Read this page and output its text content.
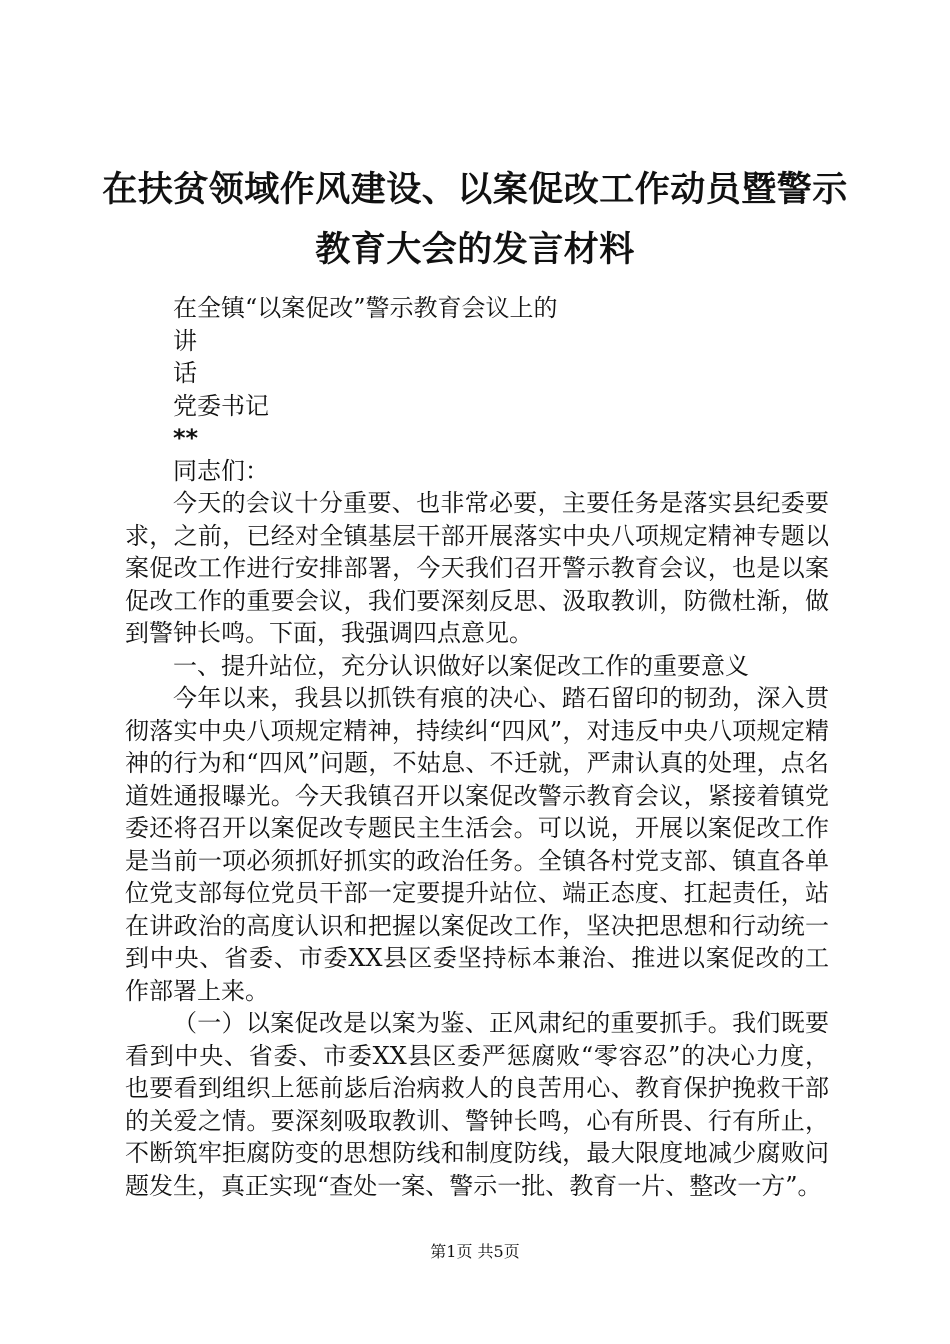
在扶贫领域作风建设、以案促改工作动员暨警示教育大会的发言材料

在全镇“以案促改”警示教育会议上的

讲

话

党委书记

**

同志们：

今天的会议十分重要、也非常必要，主要任务是落实县纪委要求，之前，已经对全镇基层干部开展落实中央八项规定精神专题以案促改工作进行安排部署，今天我们召开警示教育会议，也是以案促改工作的重要会议，我们要深刻反思、汲取教训，防微杜渐，做到警钟长鸣。下面，我强调四点意见。

一、提升站位，充分认识做好以案促改工作的重要意义

今年以来，我县以抓铁有痕的决心、踏石留印的韧劲，深入贯彻落实中央八项规定精神，持续纠“四风”，对违反中央八项规定精神的行为和“四风”问题，不姑息、不迁就，严肃认真的处理，点名道姓通报曝光。今天我镇召开以案促改警示教育会议，紧接着镇党委还将召开以案促改专题民主生活会。可以说，开展以案促改工作是当前一项必须抓好抓实的政治任务。全镇各村党支部、镇直各单位党支部每位党员干部一定要提升站位、端正态度、扛起责任，站在讲政治的高度认识和把握以案促改工作，坚决把思想和行动统一到中央、省委、市委XX县区委坚持标本兼治、推进以案促改的工作部署上来。

（一）以案促改是以案为鉴、正风肃纪的重要抓手。我们既要看到中央、省委、市委XX县区委严惩腐败“零容忍”的决心力度，也要看到组织上惩前毖后治病救人的良苦用心、教育保护挽救干部的关爱之情。要深刻吸取教训、警钟长鸣，心有所畏、行有所止，不断筑牢拒腐防变的思想防线和制度防线，最大限度地减少腐败问题发生，真正实现“查处一案、警示一批、教育一片、整改一方”。

第1页 共5页
